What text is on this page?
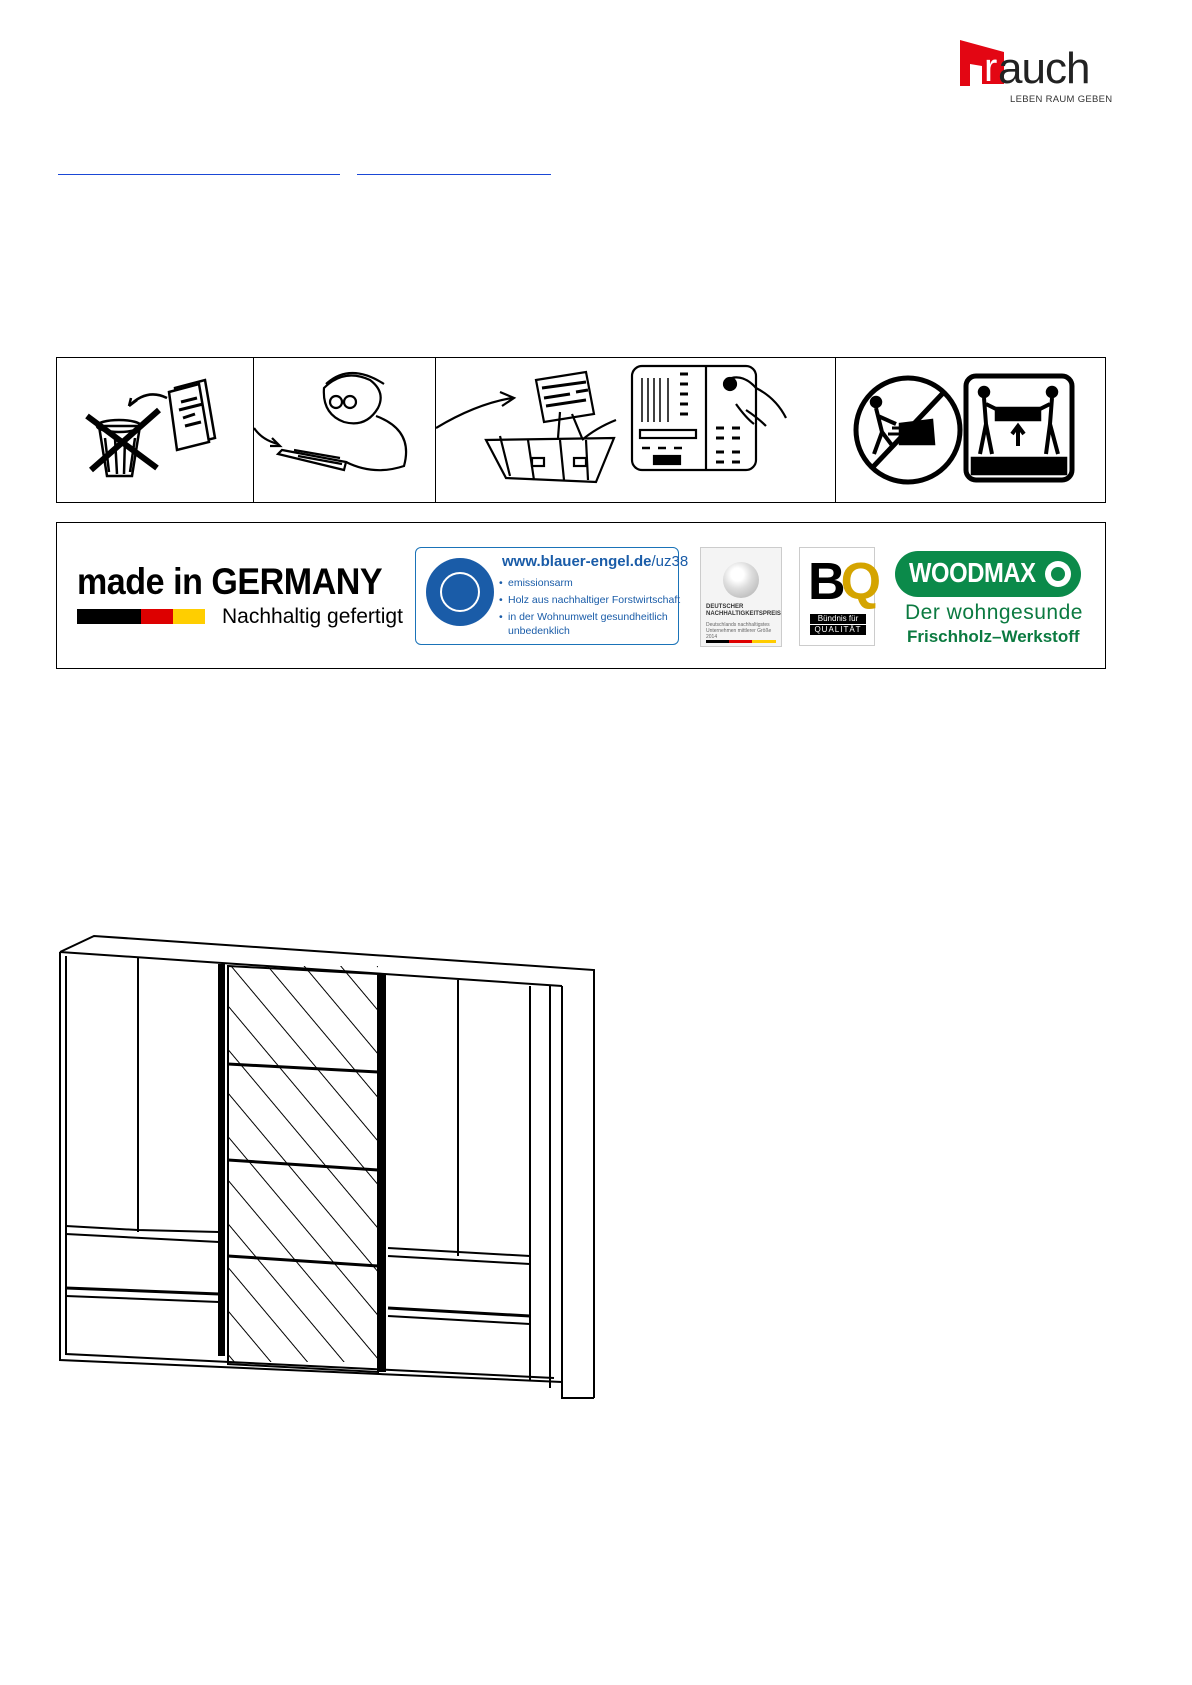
r auch
LEBEN RAUM GEBEN
made in GERMANY
Nachhaltig gefertigt
www.blauer-engel.de/uz38
• emissionsarm
• Holz aus nachhaltiger Forstwirtschaft
• in der Wohnumwelt gesundheitlich
unbedenklich
DEUTSCHER
NACHHALTIGKEITSPREIS
Deutschlands nachhaltigstes
Unternehmen mittlerer Größe 2014
BQ
Bündnis für
QUALITÄT
WOODMAX
Der wohngesunde
Frischholz–Werkstoff
